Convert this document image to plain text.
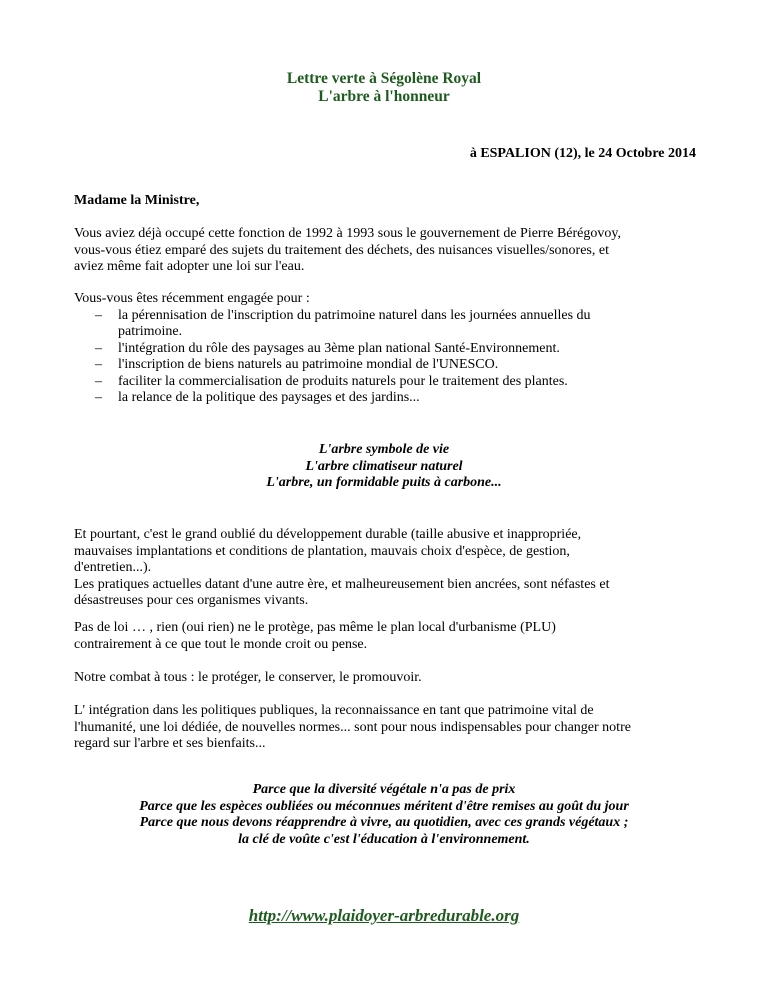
Lettre verte à Ségolène Royal
L'arbre à l'honneur
à ESPALION (12), le 24 Octobre 2014
Madame la Ministre,
Vous aviez déjà occupé cette fonction de 1992 à 1993 sous le gouvernement de Pierre Bérégovoy,
vous-vous étiez emparé des sujets du traitement des déchets, des nuisances visuelles/sonores, et
aviez même fait adopter une loi sur l'eau.
Vous-vous êtes récemment engagée pour :
– la pérennisation de l'inscription du patrimoine naturel dans les journées annuelles du
patrimoine.
– l'intégration du rôle des paysages au 3ème plan national Santé-Environnement.
– l'inscription de biens naturels au patrimoine mondial de l'UNESCO.
– faciliter la commercialisation de produits naturels pour le traitement des plantes.
– la relance de la politique des paysages et des jardins...
L'arbre symbole de vie
L'arbre climatiseur naturel
L'arbre, un formidable puits à carbone...
Et pourtant, c'est le grand oublié du développement durable (taille abusive et inappropriée,
mauvaises implantations et conditions de plantation, mauvais choix d'espèce, de gestion,
d'entretien...).
Les pratiques actuelles datant d'une autre ère, et malheureusement bien ancrées, sont néfastes et
désastreuses pour ces organismes vivants.
Pas de loi … , rien (oui rien) ne le protège, pas même le plan local d'urbanisme (PLU)
contrairement à ce que tout le monde croit ou pense.
Notre combat à tous : le protéger, le conserver, le promouvoir.
L' intégration dans les politiques publiques, la reconnaissance en tant que patrimoine vital de
l'humanité, une loi dédiée, de nouvelles normes... sont pour nous indispensables pour changer notre
regard sur l'arbre et ses bienfaits...
Parce que la diversité végétale n'a pas de prix
Parce que les espèces oubliées ou méconnues méritent d'être remises au goût du jour
Parce que nous devons réapprendre à vivre, au quotidien, avec ces grands végétaux ;
la clé de voûte c'est l'éducation à l'environnement.
http://www.plaidoyer-arbredurable.org
